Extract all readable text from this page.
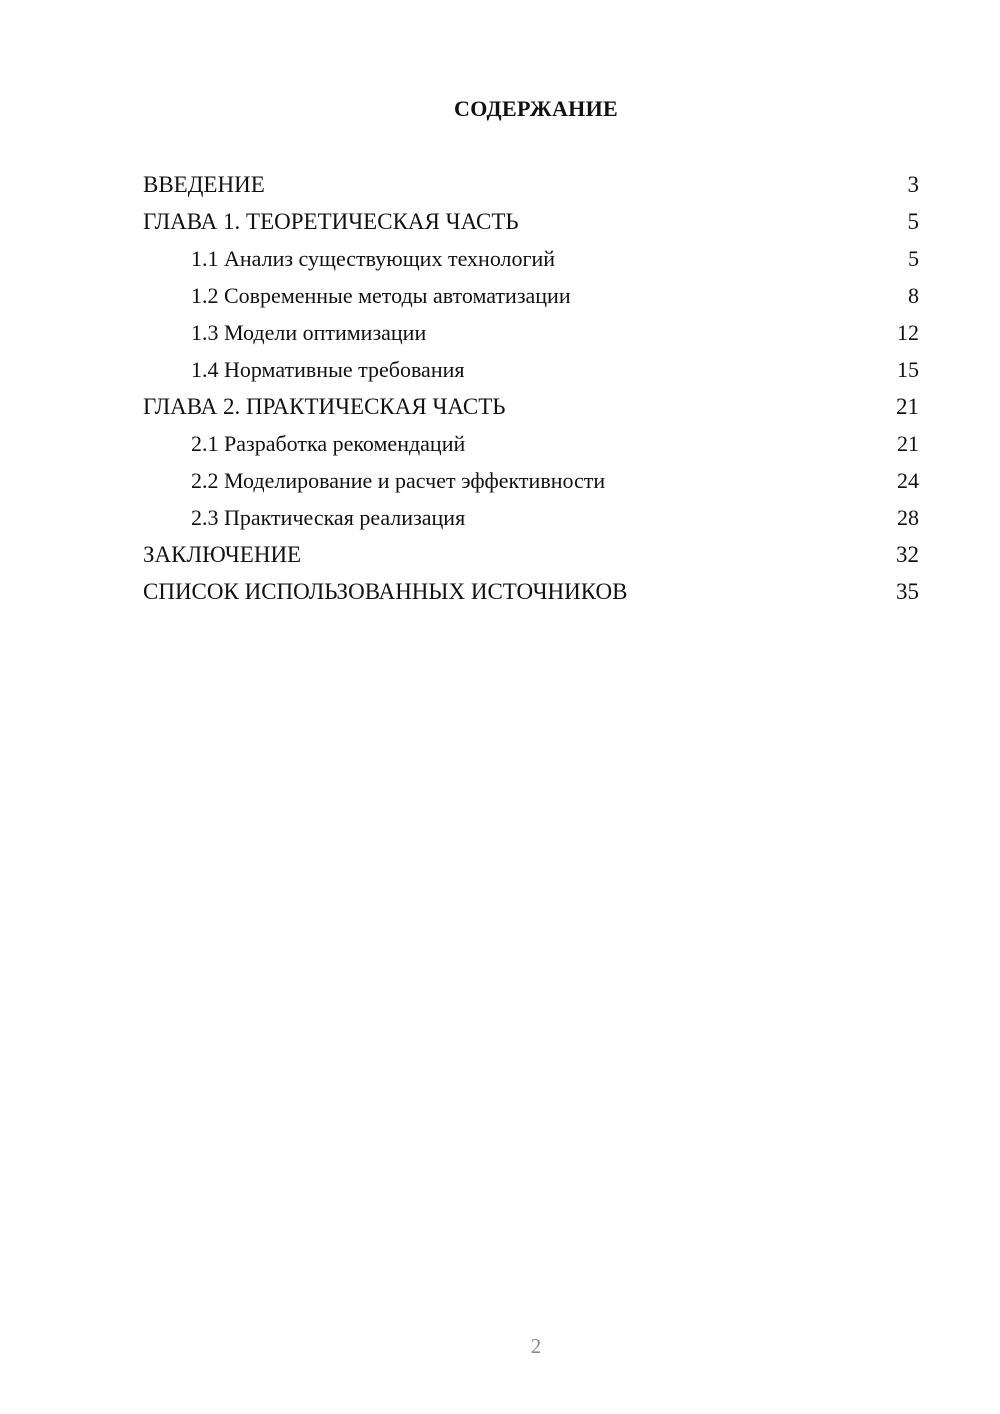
СОДЕРЖАНИЕ
ВВЕДЕНИЕ	3
ГЛАВА 1. ТЕОРЕТИЧЕСКАЯ ЧАСТЬ	5
1.1 Анализ существующих технологий	5
1.2 Современные методы автоматизации	8
1.3 Модели оптимизации	12
1.4 Нормативные требования	15
ГЛАВА 2. ПРАКТИЧЕСКАЯ ЧАСТЬ	21
2.1 Разработка рекомендаций	21
2.2 Моделирование и расчет эффективности	24
2.3 Практическая реализация	28
ЗАКЛЮЧЕНИЕ	32
СПИСОК ИСПОЛЬЗОВАННЫХ ИСТОЧНИКОВ	35
2
